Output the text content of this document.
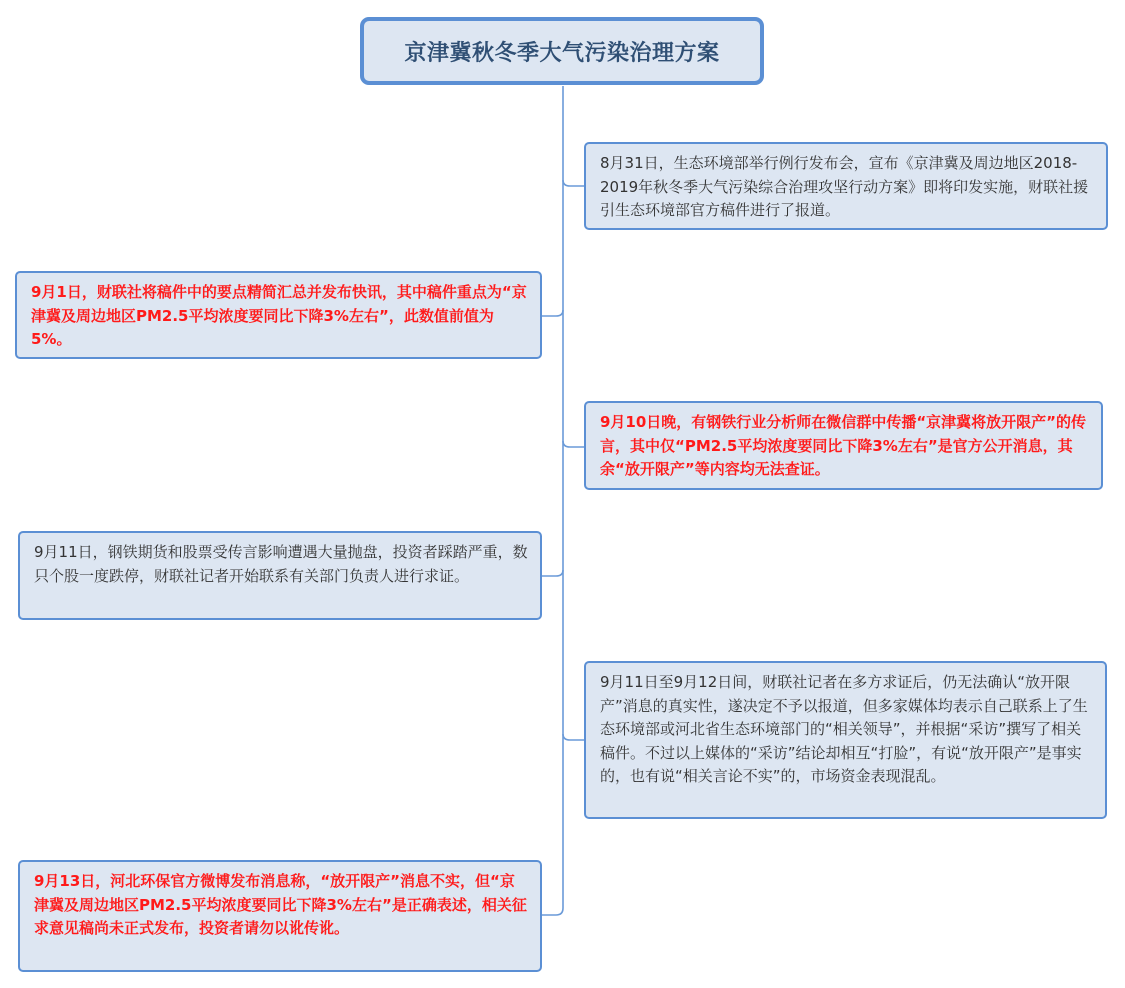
京津冀秋冬季大气污染治理方案
8月31日，生态环境部举行例行发布会，宣布《京津冀及周边地区2018-2019年秋冬季大气污染综合治理攻坚行动方案》即将印发实施，财联社援引生态环境部官方稿件进行了报道。
9月1日，财联社将稿件中的要点精简汇总并发布快讯，其中稿件重点为“京津冀及周边地区PM2.5平均浓度要同比下降3%左右”，此数值前值为5%。
9月10日晚，有钢铁行业分析师在微信群中传播“京津冀将放开限产”的传言，其中仅“PM2.5平均浓度要同比下降3%左右”是官方公开消息，其余“放开限产”等内容均无法查证。
9月11日，钢铁期货和股票受传言影响遭遇大量抛盘，投资者踩踏严重，数只个股一度跌停，财联社记者开始联系有关部门负责人进行求证。
9月11日至9月12日间，财联社记者在多方求证后，仍无法确认“放开限产”消息的真实性，遂决定不予以报道，但多家媒体均表示自己联系上了生态环境部或河北省生态环境部门的“相关领导”，并根据“采访”撰写了相关稿件。不过以上媒体的“采访”结论却相互“打脸”，有说“放开限产”是事实的，也有说“相关言论不实”的，市场资金表现混乱。
9月13日，河北环保官方微博发布消息称，“放开限产”消息不实，但“京津冀及周边地区PM2.5平均浓度要同比下降3%左右”是正确表述，相关征求意见稿尚未正式发布，投资者请勿以讹传讹。
